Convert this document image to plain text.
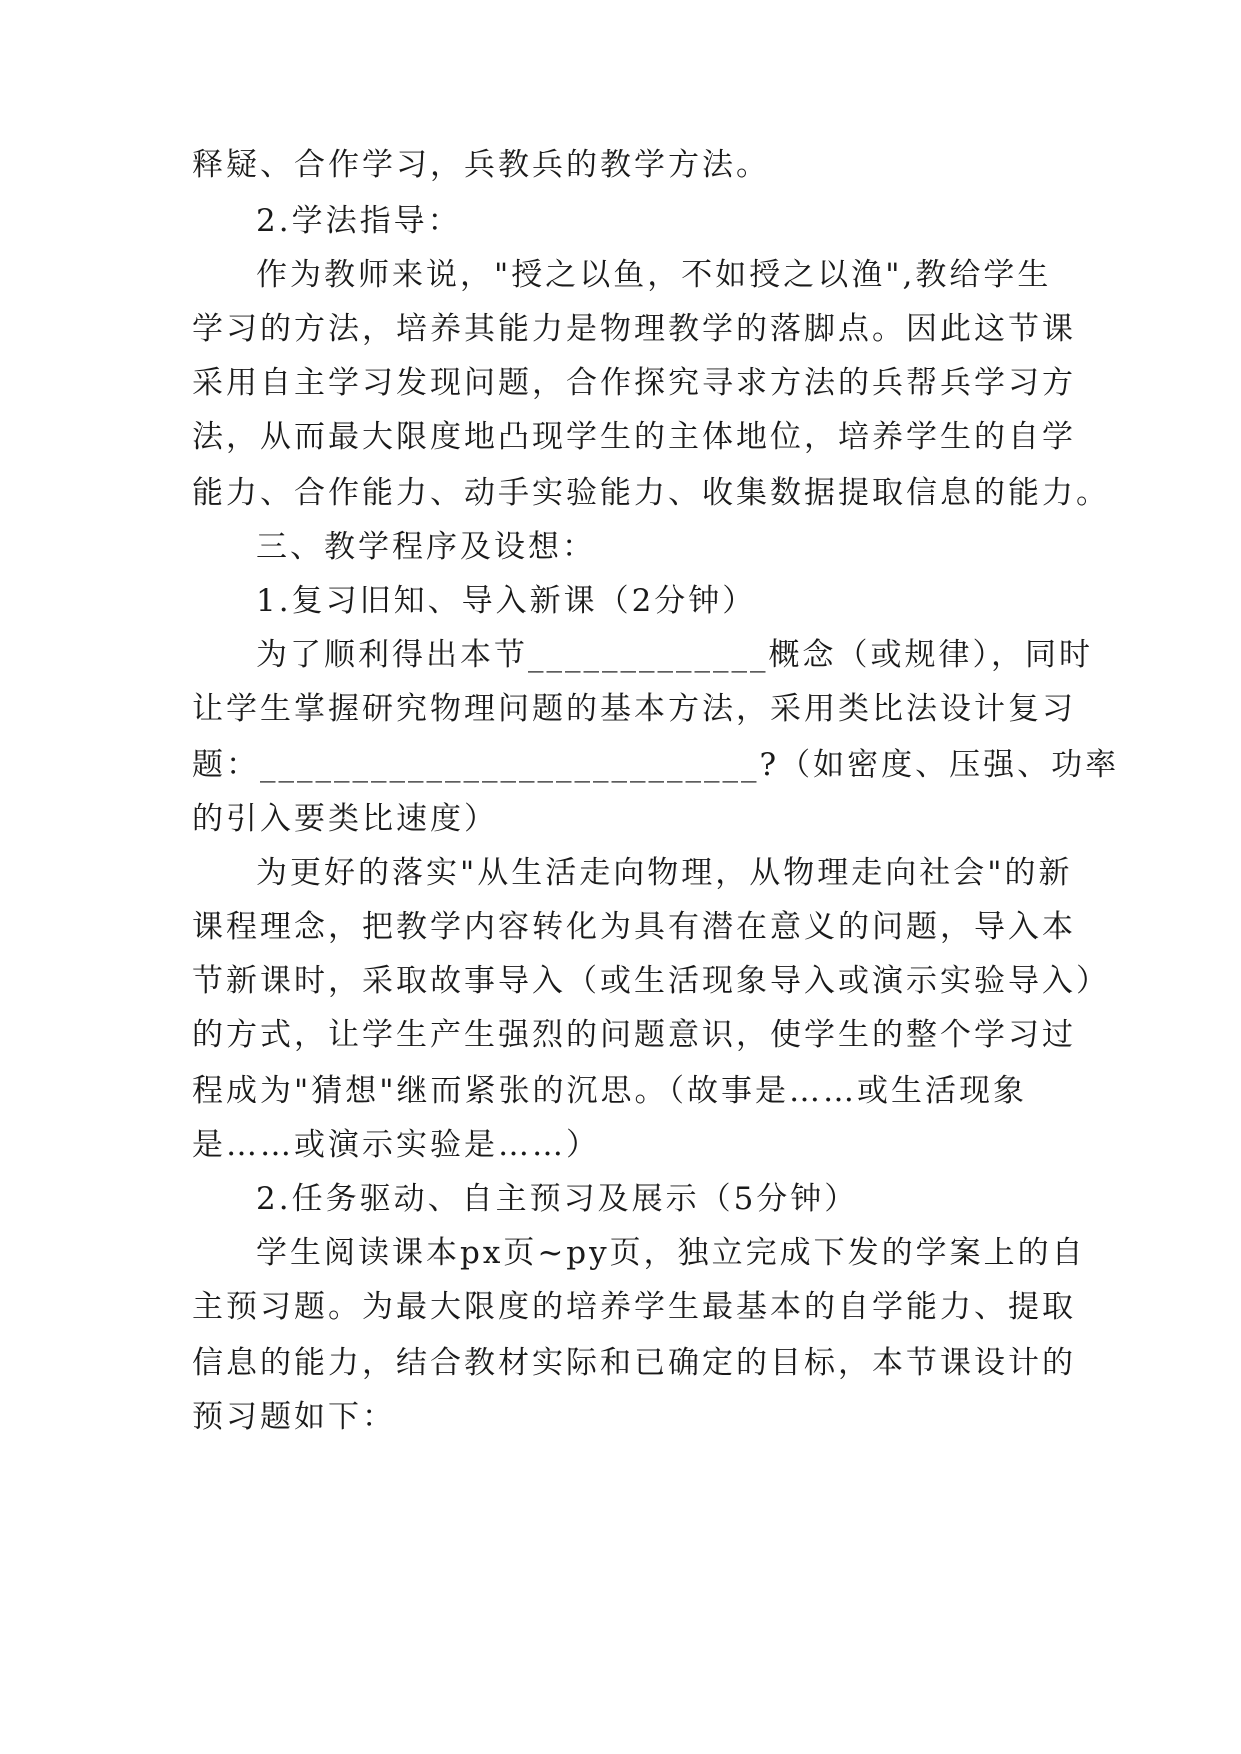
释疑、合作学习，兵教兵的教学方法。
2.学法指导：
作为教师来说，"授之以鱼，不如授之以渔",教给学生
学习的方法，培养其能力是物理教学的落脚点。因此这节课
采用自主学习发现问题，合作探究寻求方法的兵帮兵学习方
法，从而最大限度地凸现学生的主体地位，培养学生的自学
能力、合作能力、动手实验能力、收集数据提取信息的能力。
三、教学程序及设想：
1.复习旧知、导入新课（2分钟）
为了顺利得出本节_____________概念（或规律），同时
让学生掌握研究物理问题的基本方法，采用类比法设计复习
题：___________________________?（如密度、压强、功率
的引入要类比速度）
为更好的落实"从生活走向物理，从物理走向社会"的新
课程理念，把教学内容转化为具有潜在意义的问题，导入本
节新课时，采取故事导入（或生活现象导入或演示实验导入）
的方式，让学生产生强烈的问题意识，使学生的整个学习过
程成为"猜想"继而紧张的沉思。（故事是……或生活现象
是……或演示实验是……）
2.任务驱动、自主预习及展示（5分钟）
学生阅读课本px页~py页，独立完成下发的学案上的自
主预习题。为最大限度的培养学生最基本的自学能力、提取
信息的能力，结合教材实际和已确定的目标，本节课设计的
预习题如下：
